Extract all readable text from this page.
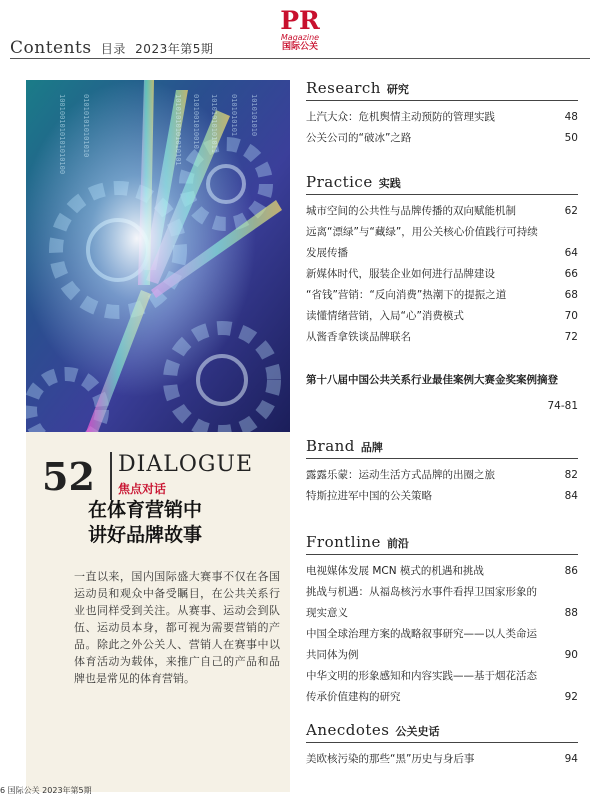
Contents 目录 2023年第5期
PR
Magazine
国际公关
1001001010101010100 010101010101010	10101010101010101 0101001010010 10101010101011 0101010101 1010101010
52 DIALOGUE
焦点对话
在体育营销中
讲好品牌故事
一直以来，国内国际盛大赛事不仅在各国运动员和观众中备受瞩目，在公共关系行业也同样受到关注。从赛事、运动会到队伍、运动员本身，都可视为需要营销的产品。除此之外公关人、营销人在赛事中以体育活动为载体，来推广自己的产品和品牌也是常见的体育营销。
Research 研究
上汽大众：危机舆情主动预防的管理实践	48
公关公司的“破冰”之路	50
Practice 实践
城市空间的公共性与品牌传播的双向赋能机制	62
远离“漂绿”与“藏绿”，用公关核心价值践行可持续发展传播	64
新媒体时代，服装企业如何进行品牌建设	66
“省钱”营销：“反向消费”热潮下的提振之道	68
读懂情绪营销，入局“心”消费模式	70
从酱香拿铁谈品牌联名	72
第十八届中国公共关系行业最佳案例大赛金奖案例摘登
74-81
Brand 品牌
露露乐蒙：运动生活方式品牌的出圈之旅	82
特斯拉进军中国的公关策略	84
Frontline 前沿
电视媒体发展 MCN 模式的机遇和挑战	86
挑战与机遇：从福岛核污水事件看捍卫国家形象的现实意义	88
中国全球治理方案的战略叙事研究——以人类命运共同体为例	90
中华文明的形象感知和内容实践——基于烟花活态传承价值建构的研究	92
Anecdotes 公关史话
美欧核污染的那些“黑”历史与身后事	94
6 国际公关 2023年第5期
